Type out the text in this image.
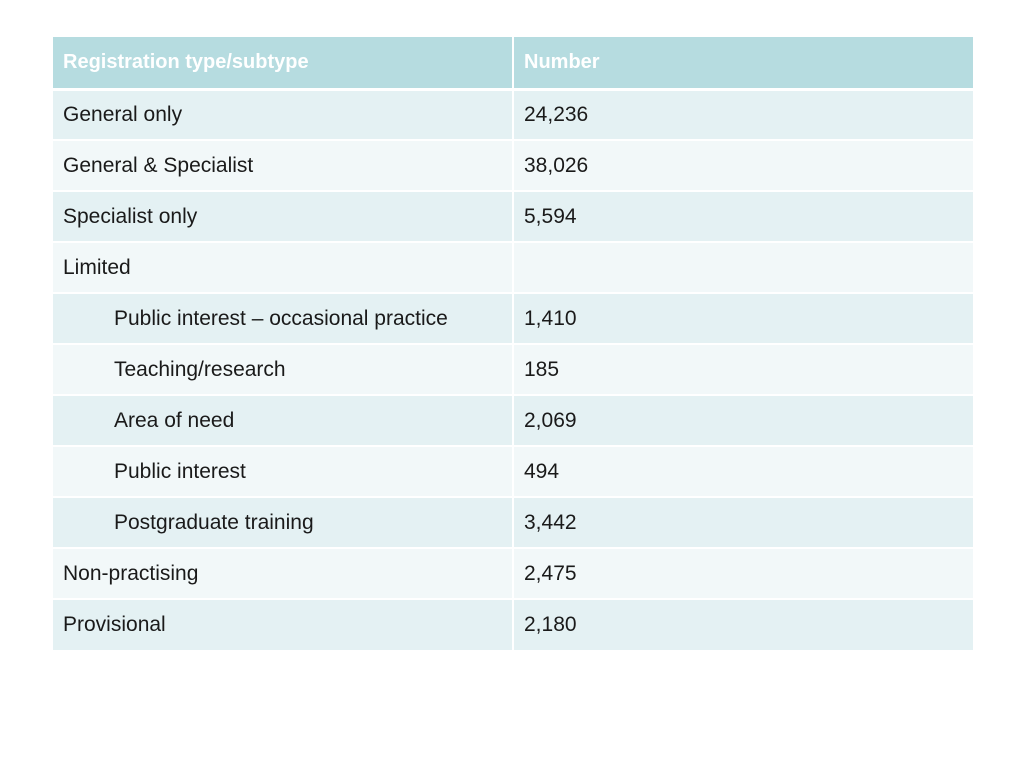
Registration type/subtype	Number
General only	24,236
General & Specialist	38,026
Specialist only	5,594
Limited	
Public interest – occasional practice	1,410
Teaching/research	185
Area of need	2,069
Public interest	494
Postgraduate training	3,442
Non-practising	2,475
Provisional	2,180
